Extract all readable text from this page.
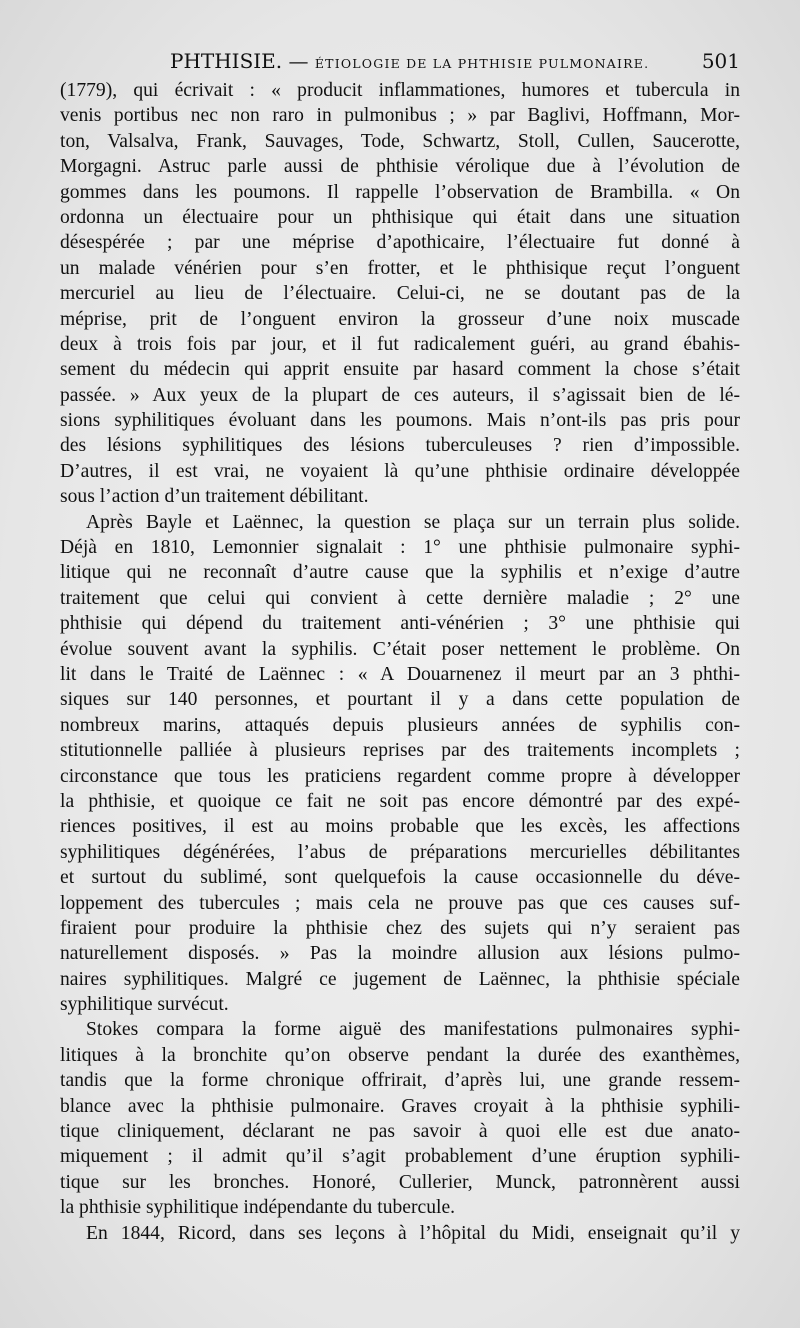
PHTHISIE. — ÉTIOLOGIE DE LA PHTHISIE PULMONAIRE.	501
(1779), qui écrivait : « producit inflammationes, humores et tubercula in
venis portibus nec non raro in pulmonibus ; » par Baglivi, Hoffmann, Mor-
ton, Valsalva, Frank, Sauvages, Tode, Schwartz, Stoll, Cullen, Saucerotte,
Morgagni. Astruc parle aussi de phthisie vérolique due à l’évolution de
gommes dans les poumons. Il rappelle l’observation de Brambilla. « On
ordonna un électuaire pour un phthisique qui était dans une situation
désespérée ; par une méprise d’apothicaire, l’électuaire fut donné à
un malade vénérien pour s’en frotter, et le phthisique reçut l’onguent
mercuriel au lieu de l’électuaire. Celui-ci, ne se doutant pas de la
méprise, prit de l’onguent environ la grosseur d’une noix muscade
deux à trois fois par jour, et il fut radicalement guéri, au grand ébahis-
sement du médecin qui apprit ensuite par hasard comment la chose s’était
passée. » Aux yeux de la plupart de ces auteurs, il s’agissait bien de lé-
sions syphilitiques évoluant dans les poumons. Mais n’ont-ils pas pris pour
des lésions syphilitiques des lésions tuberculeuses ? rien d’impossible.
D’autres, il est vrai, ne voyaient là qu’une phthisie ordinaire développée
sous l’action d’un traitement débilitant.
Après Bayle et Laënnec, la question se plaça sur un terrain plus solide.
Déjà en 1810, Lemonnier signalait : 1° une phthisie pulmonaire syphi-
litique qui ne reconnaît d’autre cause que la syphilis et n’exige d’autre
traitement que celui qui convient à cette dernière maladie ; 2° une
phthisie qui dépend du traitement anti-vénérien ; 3° une phthisie qui
évolue souvent avant la syphilis. C’était poser nettement le problème. On
lit dans le Traité de Laënnec : « A Douarnenez il meurt par an 3 phthi-
siques sur 140 personnes, et pourtant il y a dans cette population de
nombreux marins, attaqués depuis plusieurs années de syphilis con-
stitutionnelle palliée à plusieurs reprises par des traitements incomplets ;
circonstance que tous les praticiens regardent comme propre à développer
la phthisie, et quoique ce fait ne soit pas encore démontré par des expé-
riences positives, il est au moins probable que les excès, les affections
syphilitiques dégénérées, l’abus de préparations mercurielles débilitantes
et surtout du sublimé, sont quelquefois la cause occasionnelle du déve-
loppement des tubercules ; mais cela ne prouve pas que ces causes suf-
firaient pour produire la phthisie chez des sujets qui n’y seraient pas
naturellement disposés. » Pas la moindre allusion aux lésions pulmo-
naires syphilitiques. Malgré ce jugement de Laënnec, la phthisie spéciale
syphilitique survécut.
Stokes compara la forme aiguë des manifestations pulmonaires syphi-
litiques à la bronchite qu’on observe pendant la durée des exanthèmes,
tandis que la forme chronique offrirait, d’après lui, une grande ressem-
blance avec la phthisie pulmonaire. Graves croyait à la phthisie syphili-
tique cliniquement, déclarant ne pas savoir à quoi elle est due anato-
miquement ; il admit qu’il s’agit probablement d’une éruption syphili-
tique sur les bronches. Honoré, Cullerier, Munck, patronnèrent aussi
la phthisie syphilitique indépendante du tubercule.
En 1844, Ricord, dans ses leçons à l’hôpital du Midi, enseignait qu’il y
